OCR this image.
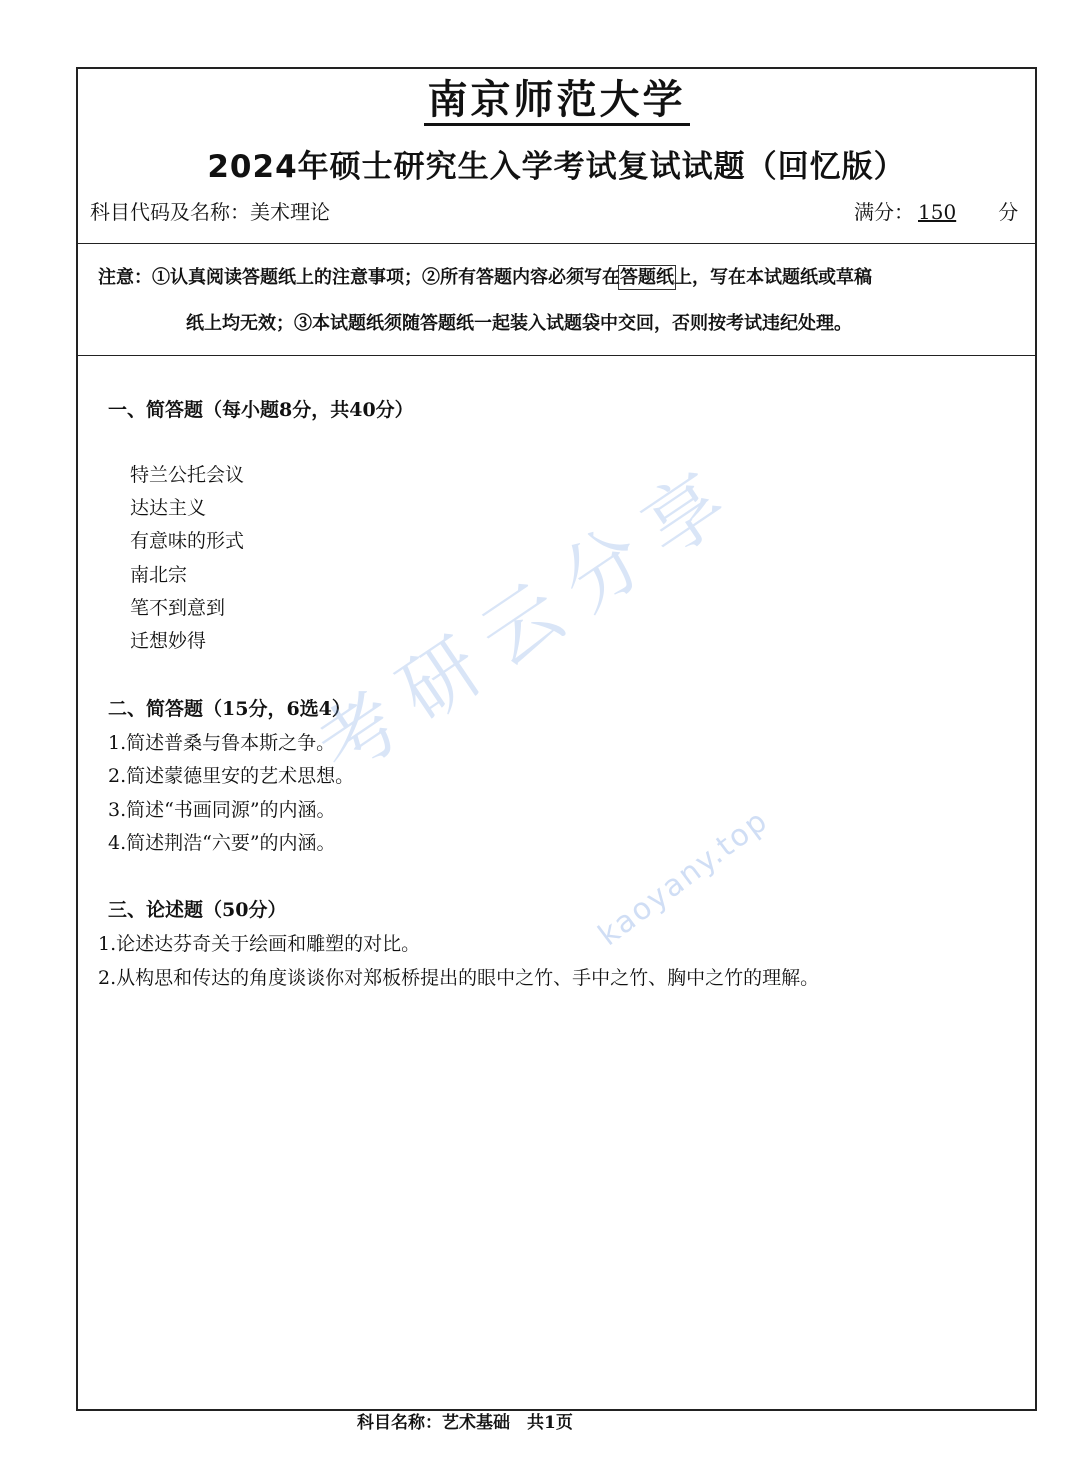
南京师范大学
2024年硕士研究生入学考试复试试题（回忆版）
科目代码及名称：美术理论	满分： 150 分

注意：①认真阅读答题纸上的注意事项；②所有答题内容必须写在答题纸上，写在本试题纸或草稿

纸上均无效；③本试题纸须随答题纸一起装入试题袋中交回，否则按考试违纪处理。

一、简答题（每小题8分，共40分）
特兰公托会议
达达主义
有意味的形式
南北宗
笔不到意到
迁想妙得
二、简答题（15分，6选4）
1.简述普桑与鲁本斯之争。
2.简述蒙德里安的艺术思想。
3.简述“书画同源”的内涵。
4.简述荆浩“六要”的内涵。
三、论述题（50分）
1.论述达芬奇关于绘画和雕塑的对比。
2.从构思和传达的角度谈谈你对郑板桥提出的眼中之竹、手中之竹、胸中之竹的理解。
科目名称：艺术基础　共1页
考研云分享
kaoyany.top
